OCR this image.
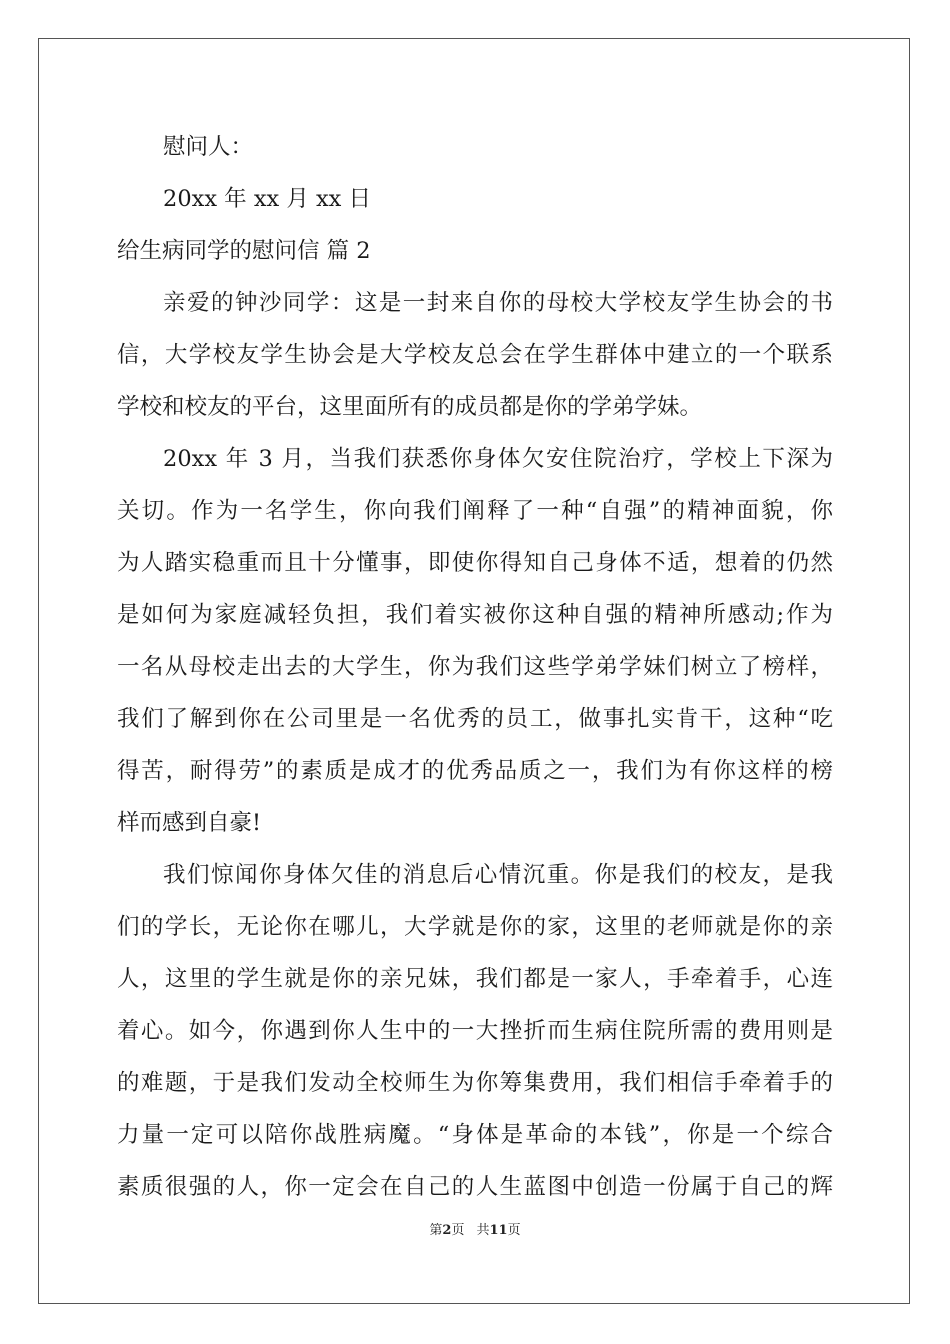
慰问人：
20xx 年 xx 月 xx 日
给生病同学的慰问信 篇 2
亲爱的钟沙同学：这是一封来自你的母校大学校友学生协会的书
信，大学校友学生协会是大学校友总会在学生群体中建立的一个联系
学校和校友的平台，这里面所有的成员都是你的学弟学妹。
20xx 年 3 月，当我们获悉你身体欠安住院治疗，学校上下深为
关切。作为一名学生，你向我们阐释了一种“自强”的精神面貌，你
为人踏实稳重而且十分懂事，即使你得知自己身体不适，想着的仍然
是如何为家庭减轻负担，我们着实被你这种自强的精神所感动;作为
一名从母校走出去的大学生，你为我们这些学弟学妹们树立了榜样，
我们了解到你在公司里是一名优秀的员工，做事扎实肯干，这种“吃
得苦，耐得劳”的素质是成才的优秀品质之一，我们为有你这样的榜
样而感到自豪!
我们惊闻你身体欠佳的消息后心情沉重。你是我们的校友，是我
们的学长，无论你在哪儿，大学就是你的家，这里的老师就是你的亲
人，这里的学生就是你的亲兄妹，我们都是一家人，手牵着手，心连
着心。如今，你遇到你人生中的一大挫折而生病住院所需的费用则是
的难题，于是我们发动全校师生为你筹集费用，我们相信手牵着手的
力量一定可以陪你战胜病魔。“身体是革命的本钱”，你是一个综合
素质很强的人，你一定会在自己的人生蓝图中创造一份属于自己的辉
第2页 共11页
